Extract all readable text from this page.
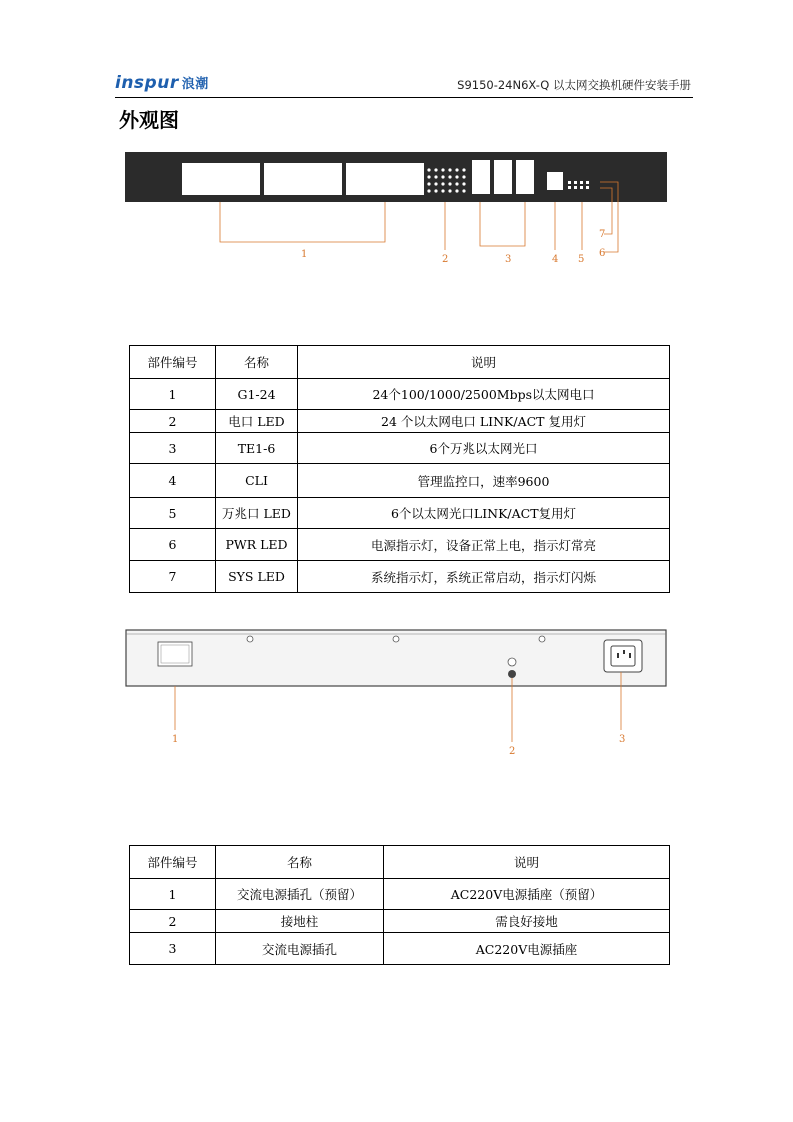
inspur 浪潮	S9150-24N6X-Q 以太网交换机硬件安装手册
外观图
1	2	3	4 5
6
7
部件编号	名称	说明
1	G1-24	24个100/1000/2500Mbps以太网电口
2	电口 LED	24 个以太网电口 LINK/ACT 复用灯
3	TE1-6	6个万兆以太网光口
4	CLI	管理监控口，速率9600
5	万兆口 LED	6个以太网光口LINK/ACT复用灯
6	PWR LED	电源指示灯，设备正常上电，指示灯常亮
7	SYS LED	系统指示灯，系统正常启动，指示灯闪烁
1
2
3
部件编号	名称	说明
1	交流电源插孔（预留）	AC220V电源插座（预留）
2	接地柱	需良好接地
3	交流电源插孔	AC220V电源插座
